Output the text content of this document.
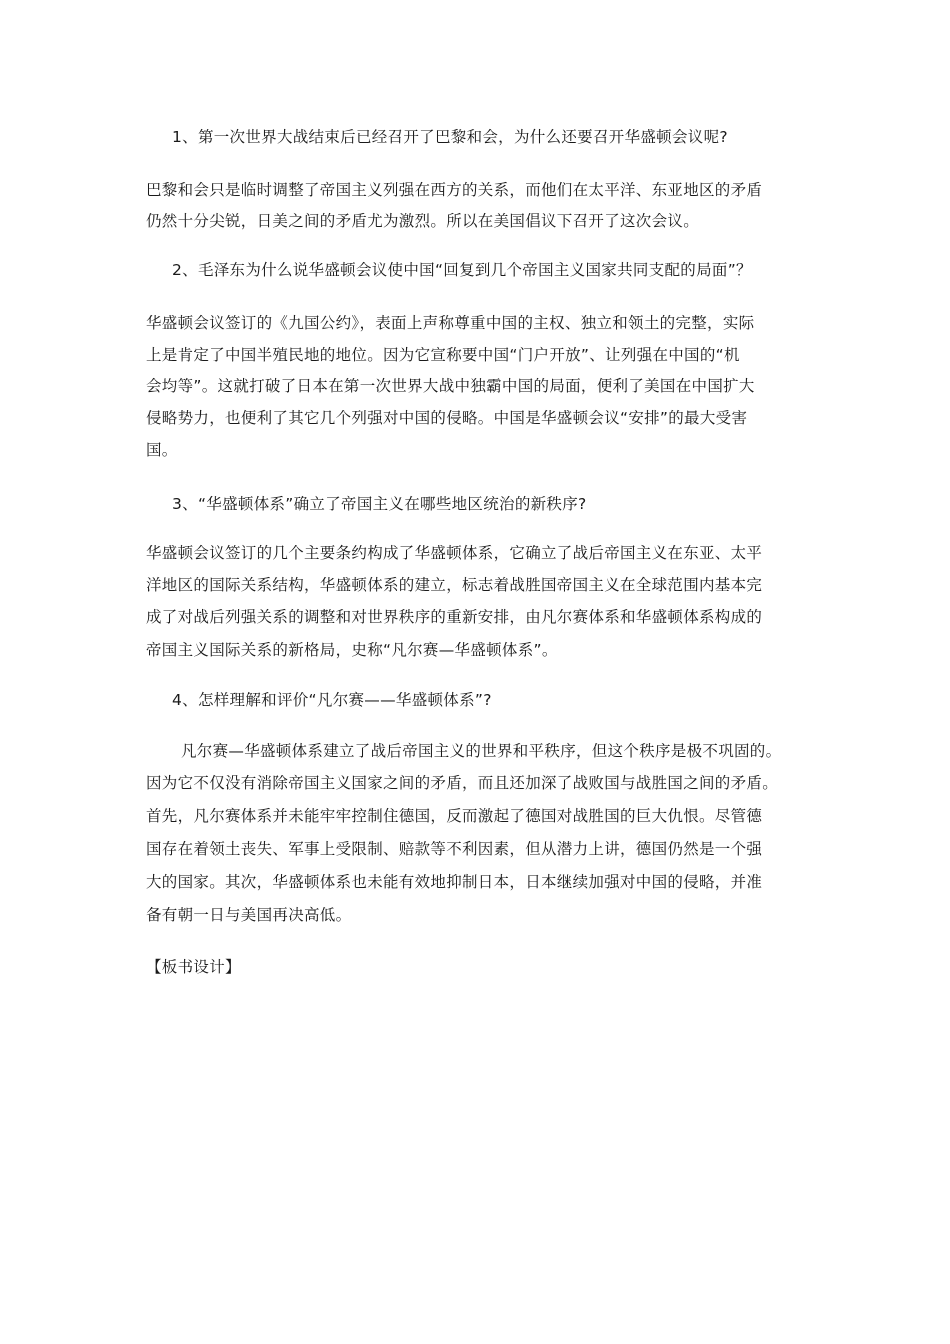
1、第一次世界大战结束后已经召开了巴黎和会，为什么还要召开华盛顿会议呢?
巴黎和会只是临时调整了帝国主义列强在西方的关系，而他们在太平洋、东亚地区的矛盾
仍然十分尖锐，日美之间的矛盾尤为激烈。所以在美国倡议下召开了这次会议。
2、毛泽东为什么说华盛顿会议使中国“回复到几个帝国主义国家共同支配的局面”？
华盛顿会议签订的《九国公约》，表面上声称尊重中国的主权、独立和领土的完整，实际
上是肯定了中国半殖民地的地位。因为它宣称要中国“门户开放”、让列强在中国的“机
会均等”。这就打破了日本在第一次世界大战中独霸中国的局面，便利了美国在中国扩大
侵略势力，也便利了其它几个列强对中国的侵略。中国是华盛顿会议“安排”的最大受害
国。
3、“华盛顿体系”确立了帝国主义在哪些地区统治的新秩序?
华盛顿会议签订的几个主要条约构成了华盛顿体系，它确立了战后帝国主义在东亚、太平
洋地区的国际关系结构，华盛顿体系的建立，标志着战胜国帝国主义在全球范围内基本完
成了对战后列强关系的调整和对世界秩序的重新安排，由凡尔赛体系和华盛顿体系构成的
帝国主义国际关系的新格局，史称“凡尔赛—华盛顿体系”。
4、怎样理解和评价“凡尔赛——华盛顿体系”?
凡尔赛—华盛顿体系建立了战后帝国主义的世界和平秩序，但这个秩序是极不巩固的。
因为它不仅没有消除帝国主义国家之间的矛盾，而且还加深了战败国与战胜国之间的矛盾。
首先，凡尔赛体系并未能牢牢控制住德国，反而激起了德国对战胜国的巨大仇恨。尽管德
国存在着领土丧失、军事上受限制、赔款等不利因素，但从潜力上讲，德国仍然是一个强
大的国家。其次，华盛顿体系也未能有效地抑制日本，日本继续加强对中国的侵略，并准
备有朝一日与美国再决高低。
【板书设计】
